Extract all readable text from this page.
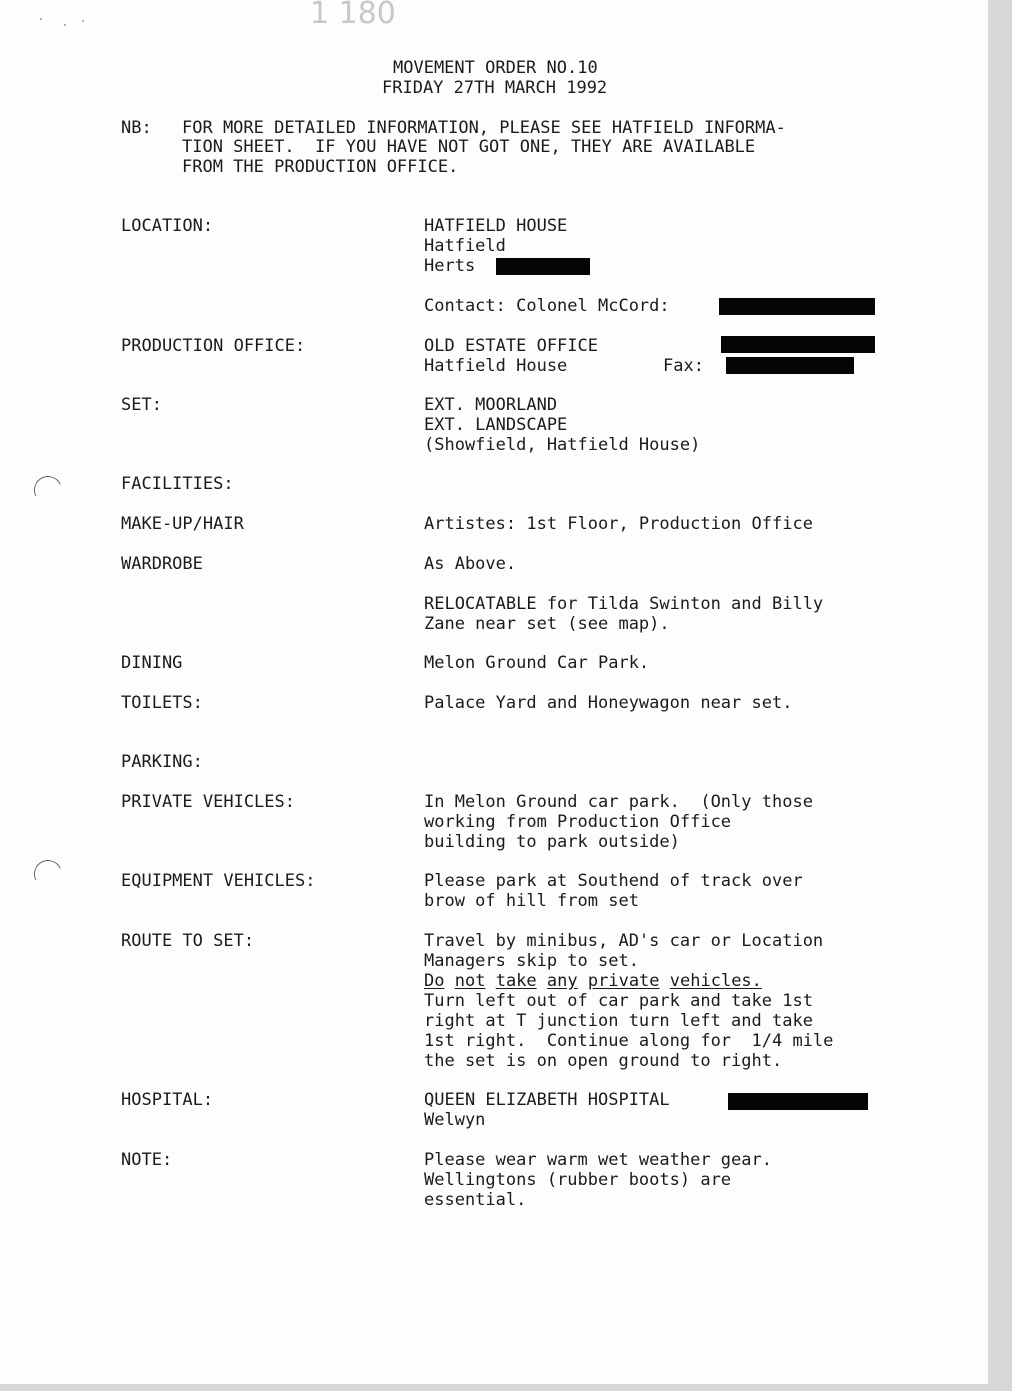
1 180
MOVEMENT ORDER NO.10
FRIDAY 27TH MARCH 1992
NB: FOR MORE DETAILED INFORMATION, PLEASE SEE HATFIELD INFORMA-
TION SHEET.  IF YOU HAVE NOT GOT ONE, THEY ARE AVAILABLE
FROM THE PRODUCTION OFFICE.
LOCATION:	HATFIELD HOUSE
Hatfield
Herts
Contact: Colonel McCord:
PRODUCTION OFFICE:	OLD ESTATE OFFICE
Hatfield House	Fax:
SET:	EXT. MOORLAND
EXT. LANDSCAPE
(Showfield, Hatfield House)
FACILITIES:
MAKE-UP/HAIR	Artistes: 1st Floor, Production Office
WARDROBE	As Above.
RELOCATABLE for Tilda Swinton and Billy
Zane near set (see map).
DINING	Melon Ground Car Park.
TOILETS:	Palace Yard and Honeywagon near set.
PARKING:
PRIVATE VEHICLES:	In Melon Ground car park.  (Only those
working from Production Office
building to park outside)
EQUIPMENT VEHICLES:	Please park at Southend of track over
brow of hill from set
ROUTE TO SET:	Travel by minibus, AD's car or Location
Managers skip to set.
Do not take any private vehicles.
Turn left out of car park and take 1st
right at T junction turn left and take
1st right.  Continue along for  1/4 mile
the set is on open ground to right.
HOSPITAL:	QUEEN ELIZABETH HOSPITAL
Welwyn
NOTE:	Please wear warm wet weather gear.
Wellingtons (rubber boots) are
essential.
